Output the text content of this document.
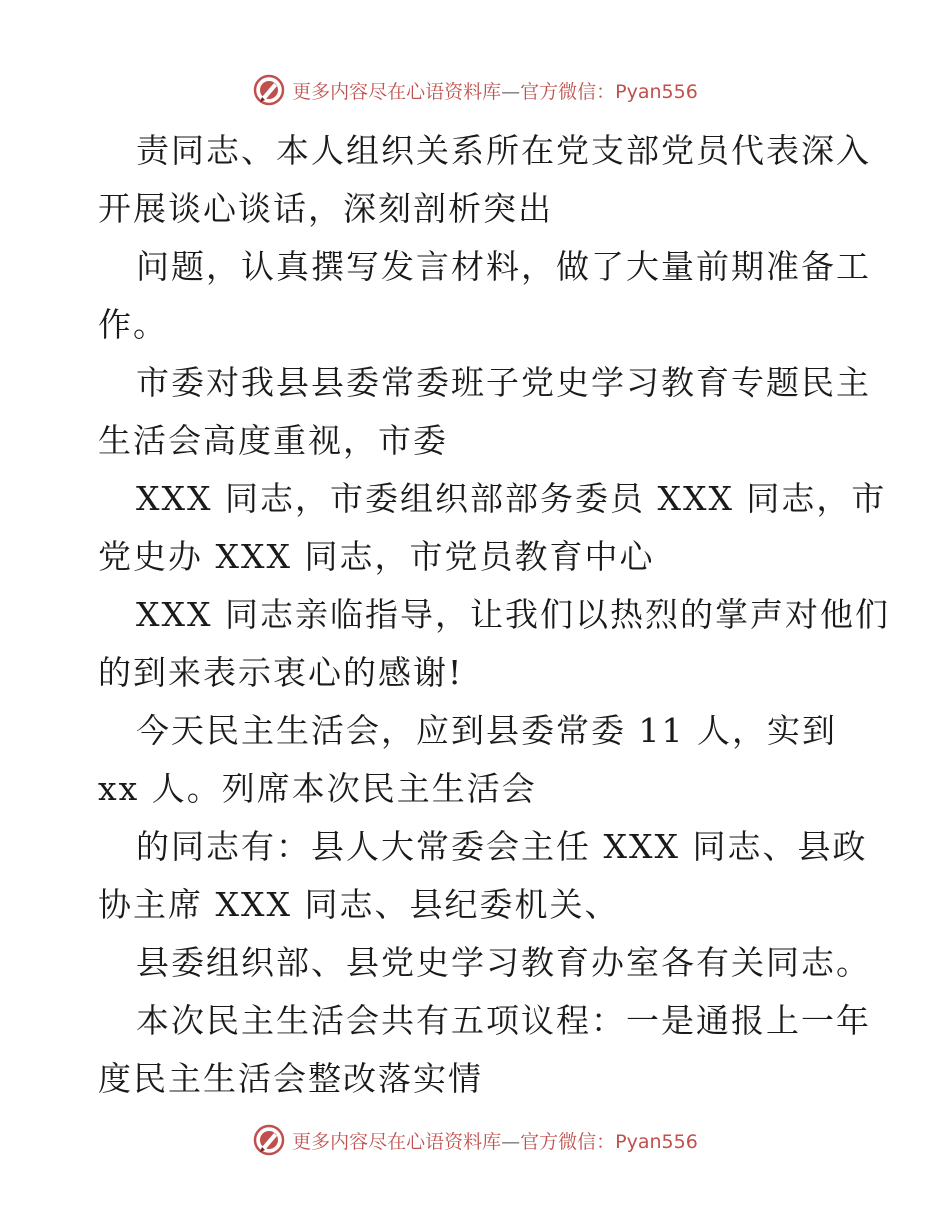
更多内容尽在心语资料库—官方微信：Pyan556
责同志、本人组织关系所在党支部党员代表深入
开展谈心谈话，深刻剖析突出
问题，认真撰写发言材料，做了大量前期准备工
作。
市委对我县县委常委班子党史学习教育专题民主
生活会高度重视，市委
XXX 同志，市委组织部部务委员 XXX 同志，市
党史办 XXX 同志，市党员教育中心
XXX 同志亲临指导，让我们以热烈的掌声对他们
的到来表示衷心的感谢!
今天民主生活会，应到县委常委 11 人，实到
xx 人。列席本次民主生活会
的同志有：县人大常委会主任 XXX 同志、县政
协主席 XXX 同志、县纪委机关、
县委组织部、县党史学习教育办室各有关同志。
本次民主生活会共有五项议程：一是通报上一年
度民主生活会整改落实情
更多内容尽在心语资料库—官方微信：Pyan556
